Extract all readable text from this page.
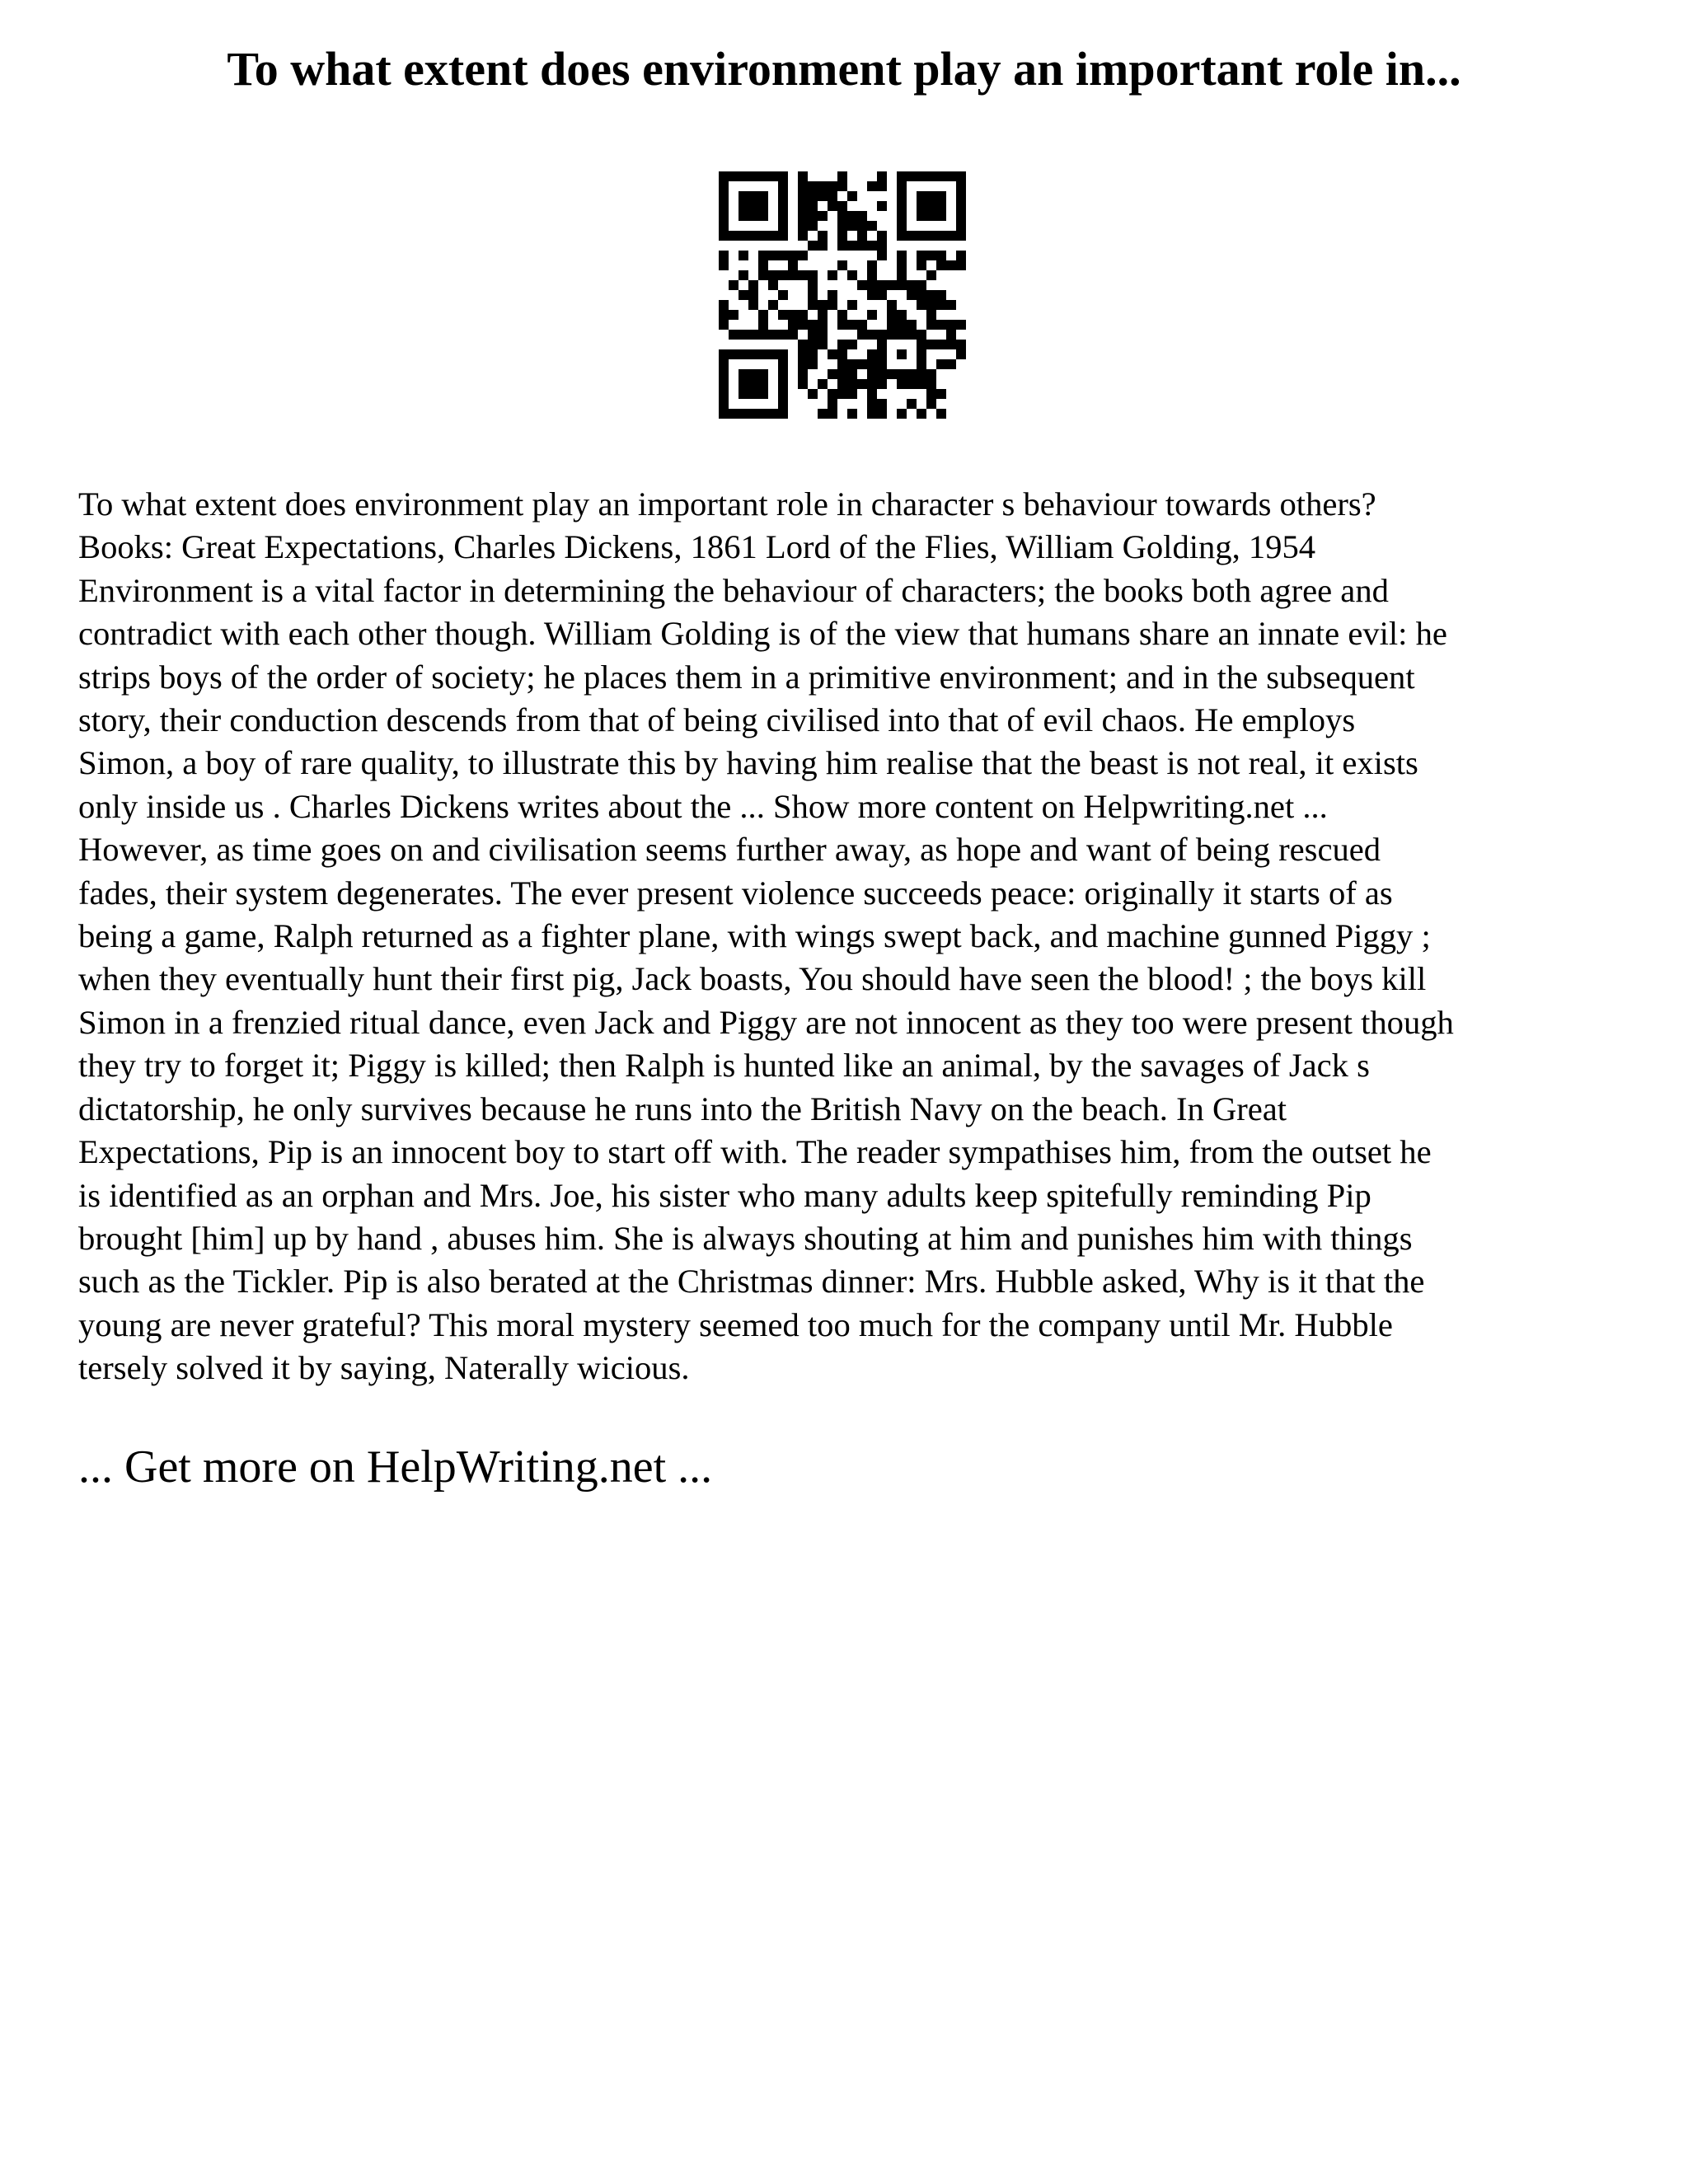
To what extent does environment play an important role in...
To what extent does environment play an important role in character s behaviour towards others?
Books: Great Expectations, Charles Dickens, 1861 Lord of the Flies, William Golding, 1954
Environment is a vital factor in determining the behaviour of characters; the books both agree and
contradict with each other though. William Golding is of the view that humans share an innate evil: he
strips boys of the order of society; he places them in a primitive environment; and in the subsequent
story, their conduction descends from that of being civilised into that of evil chaos. He employs
Simon, a boy of rare quality, to illustrate this by having him realise that the beast is not real, it exists
only inside us . Charles Dickens writes about the ... Show more content on Helpwriting.net ...
However, as time goes on and civilisation seems further away, as hope and want of being rescued
fades, their system degenerates. The ever present violence succeeds peace: originally it starts of as
being a game, Ralph returned as a fighter plane, with wings swept back, and machine gunned Piggy ;
when they eventually hunt their first pig, Jack boasts, You should have seen the blood! ; the boys kill
Simon in a frenzied ritual dance, even Jack and Piggy are not innocent as they too were present though
they try to forget it; Piggy is killed; then Ralph is hunted like an animal, by the savages of Jack s
dictatorship, he only survives because he runs into the British Navy on the beach. In Great
Expectations, Pip is an innocent boy to start off with. The reader sympathises him, from the outset he
is identified as an orphan and Mrs. Joe, his sister who many adults keep spitefully reminding Pip
brought [him] up by hand , abuses him. She is always shouting at him and punishes him with things
such as the Tickler. Pip is also berated at the Christmas dinner: Mrs. Hubble asked, Why is it that the
young are never grateful? This moral mystery seemed too much for the company until Mr. Hubble
tersely solved it by saying, Naterally wicious.
... Get more on HelpWriting.net ...
